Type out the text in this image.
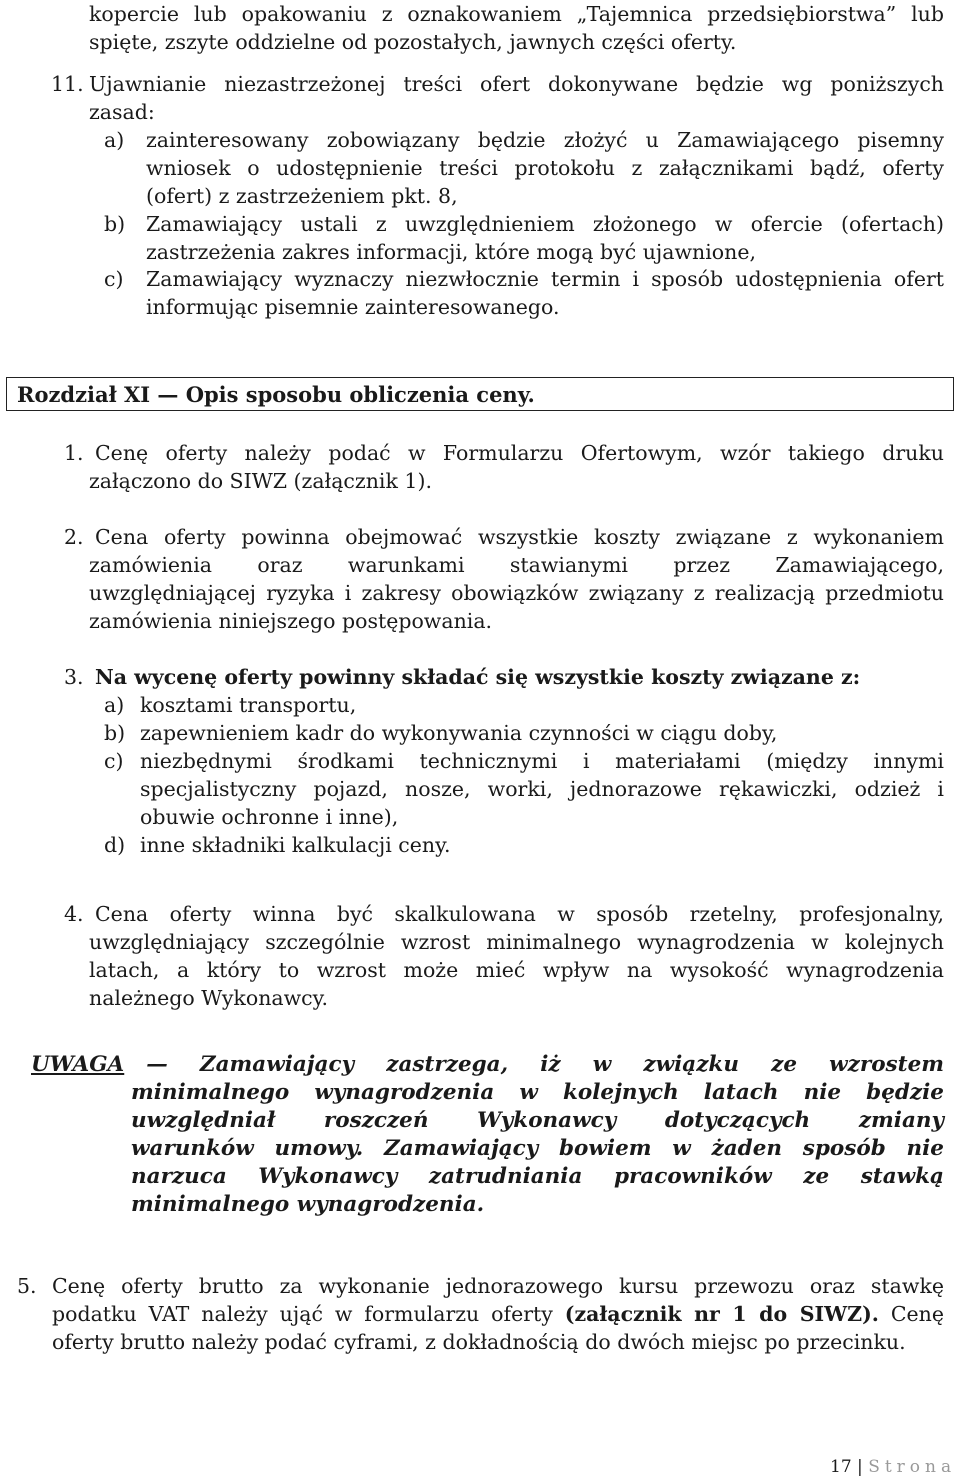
kopercie lub opakowaniu z oznakowaniem „Tajemnica przedsiębiorstwa” lub
spięte, zszyte oddzielne od pozostałych, jawnych części oferty.
11. Ujawnianie niezastrzeżonej treści ofert dokonywane będzie wg poniższych
zasad:
a) zainteresowany zobowiązany będzie złożyć u Zamawiającego pisemny
wniosek o udostępnienie treści protokołu z załącznikami bądź, oferty
(ofert) z zastrzeżeniem pkt. 8,
b) Zamawiający ustali z uwzględnieniem złożonego w ofercie (ofertach)
zastrzeżenia zakres informacji, które mogą być ujawnione,
c) Zamawiający wyznaczy niezwłocznie termin i sposób udostępnienia ofert
informując pisemnie zainteresowanego.
Rozdział XI — Opis sposobu obliczenia ceny.
1. Cenę oferty należy podać w Formularzu Ofertowym, wzór takiego druku
załączono do SIWZ (załącznik 1).
2. Cena oferty powinna obejmować wszystkie koszty związane z wykonaniem
zamówienia oraz warunkami stawianymi przez Zamawiającego,
uwzględniającej ryzyka i zakresy obowiązków związany z realizacją przedmiotu
zamówienia niniejszego postępowania.
3. Na wycenę oferty powinny składać się wszystkie koszty związane z:
a) kosztami transportu,
b) zapewnieniem kadr do wykonywania czynności w ciągu doby,
c) niezbędnymi środkami technicznymi i materiałami (między innymi
specjalistyczny pojazd, nosze, worki, jednorazowe rękawiczki, odzież i
obuwie ochronne i inne),
d) inne składniki kalkulacji ceny.
4. Cena oferty winna być skalkulowana w sposób rzetelny, profesjonalny,
uwzględniający szczególnie wzrost minimalnego wynagrodzenia w kolejnych
latach, a który to wzrost może mieć wpływ na wysokość wynagrodzenia
należnego Wykonawcy.
UWAGA — Zamawiający zastrzega, iż w związku ze wzrostem
minimalnego wynagrodzenia w kolejnych latach nie będzie
uwzględniał roszczeń Wykonawcy dotyczących zmiany
warunków umowy. Zamawiający bowiem w żaden sposób nie
narzuca Wykonawcy zatrudniania pracowników ze stawką
minimalnego wynagrodzenia.
5. Cenę oferty brutto za wykonanie jednorazowego kursu przewozu oraz stawkę
podatku VAT należy ująć w formularzu oferty (załącznik nr 1 do SIWZ). Cenę
oferty brutto należy podać cyframi, z dokładnością do dwóch miejsc po przecinku.
17 | Strona
